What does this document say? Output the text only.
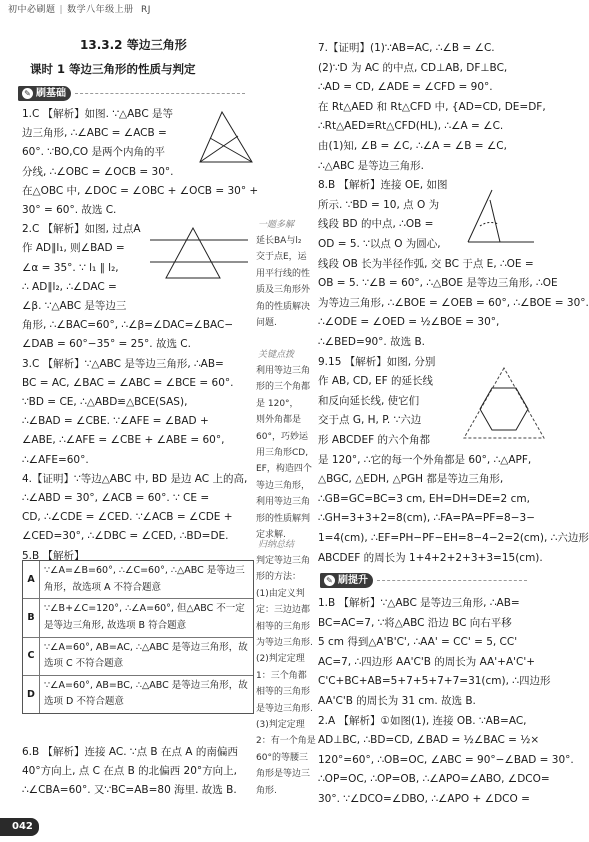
初中必刷题 | 数学八年级上册 RJ
13.3.2 等边三角形
课时 1 等边三角形的性质与判定
✎ 刷基础
1.C 【解析】如图. ∵△ABC 是等
边三角形, ∴∠ABC = ∠ACB =
60°. ∵BO,CO 是两个内角的平
分线, ∴∠OBC = ∠OCB = 30°.
在△OBC 中, ∠DOC = ∠OBC + ∠OCB = 30° +
30° = 60°. 故选 C.
2.C 【解析】如图, 过点A
作 AD∥l₁, 则∠BAD =
∠α = 35°. ∵ l₁ ∥ l₂,
∴ AD∥l₂, ∴∠DAC =
∠β. ∵△ABC 是等边三
角形, ∴∠BAC=60°, ∴∠β=∠DAC=∠BAC−
∠DAB = 60°−35° = 25°. 故选 C.
3.C 【解析】∵△ABC 是等边三角形, ∴AB=
BC = AC, ∠BAC = ∠ABC = ∠BCE = 60°.
∵BD = CE, ∴△ABD≌△BCE(SAS),
∴∠BAD = ∠CBE. ∵∠AFE = ∠BAD +
∠ABE, ∴∠AFE = ∠CBE + ∠ABE = 60°,
∴∠AFE=60°.
4.【证明】∵等边△ABC 中, BD 是边 AC 上的高,
∴∠ABD = 30°, ∠ACB = 60°. ∵ CE =
CD, ∴∠CDE = ∠CED. ∵∠ACB = ∠CDE +
∠CED=30°, ∴∠DBC = ∠CED, ∴BD=DE.
5.B 【解析】
A
∵∠A=∠B=60°, ∴∠C=60°, ∴△ABC 是等边三角形，故选项 A 不符合题意
B
∵∠B+∠C=120°, ∴∠A=60°, 但△ABC 不一定是等边三角形, 故选项 B 符合题意
C
∵∠A=60°, AB=AC, ∴△ABC 是等边三角形，故选项 C 不符合题意
D
∵∠A=60°, AB=BC, ∴△ABC 是等边三角形，故选项 D 不符合题意
6.B 【解析】连接 AC. ∵点 B 在点 A 的南偏西
40°方向上, 点 C 在点 B 的北偏西 20°方向上,
∴∠CBA=60°. 又∵BC=AB=80 海里. 故选 B.
一题多解
延长BA与l₂
交于点E，运
用平行线的性
质及三角形外
角的性质解决
问题.
关键点拨
利用等边三角
形的三个角都
是 120°，
则外角都是
60°，巧妙运
用三角形CD,
EF，构造四个
等边三角形，
利用等边三角
形的性质解判
定求解.
归纳总结
判定等边三角
形的方法：
(1)由定义判
定：三边边都
相等的三角形
为等边三角形.
(2)判定定理
1：三个角都
相等的三角形
是等边三角形.
(3)判定定理
2：有一个角是
60°的等腰三
角形是等边三
角形.
7.【证明】(1)∵AB=AC, ∴∠B = ∠C.
(2)∵D 为 AC 的中点, CD⊥AB, DF⊥BC,
∴AD = CD, ∠ADE = ∠CFD = 90°.
在 Rt△AED 和 Rt△CFD 中, {AD=CD, DE=DF,
∴Rt△AED≌Rt△CFD(HL), ∴∠A = ∠C.
由(1)知, ∠B = ∠C, ∴∠A = ∠B = ∠C,
∴△ABC 是等边三角形.
8.B 【解析】连接 OE, 如图
所示. ∵BD = 10, 点 O 为
线段 BD 的中点, ∴OB =
OD = 5. ∵以点 O 为圆心,
线段 OB 长为半径作弧, 交 BC 于点 E, ∴OE =
OB = 5. ∵∠B = 60°, ∴△BOE 是等边三角形, ∴OE
为等边三角形, ∴∠BOE = ∠OEB = 60°, ∴∠BOE = 30°.
∴∠ODE = ∠OED = ½∠BOE = 30°,
∴∠BED=90°. 故选 B.
9.15 【解析】如图, 分别
作 AB, CD, EF 的延长线
和反向延长线, 使它们
交于点 G, H, P. ∵六边
形 ABCDEF 的六个角都
是 120°, ∴它的每一个外角都是 60°, ∴△APF,
△BGC, △EDH, △PGH 都是等边三角形,
∴GB=GC=BC=3 cm, EH=DH=DE=2 cm,
∴GH=3+3+2=8(cm), ∴FA=PA=PF=8−3−
1=4(cm), ∴EF=PH−PF−EH=8−4−2=2(cm), ∴六边形
ABCDEF 的周长为 1+4+2+2+3+3=15(cm).
✎ 刷提升
1.B 【解析】∵△ABC 是等边三角形, ∴AB=
BC=AC=7, ∵将△ABC 沿边 BC 向右平移
5 cm 得到△A'B'C', ∴AA' = CC' = 5, CC'
AC=7, ∴四边形 AA'C'B 的周长为 AA'+A'C'+
C'C+BC+AB=5+7+5+7+7=31(cm), ∴四边形
AA'C'B 的周长为 31 cm. 故选 B.
2.A 【解析】①如图(1), 连接 OB. ∵AB=AC,
AD⊥BC, ∴BD=CD, ∠BAD = ½∠BAC = ½×
120°=60°, ∴OB=OC, ∠ABC = 90°−∠BAD = 30°.
∴OP=OC, ∴OP=OB, ∴∠APO=∠ABO, ∠DCO=
30°. ∵∠DCO=∠DBO, ∴∠APO + ∠DCO =
042
